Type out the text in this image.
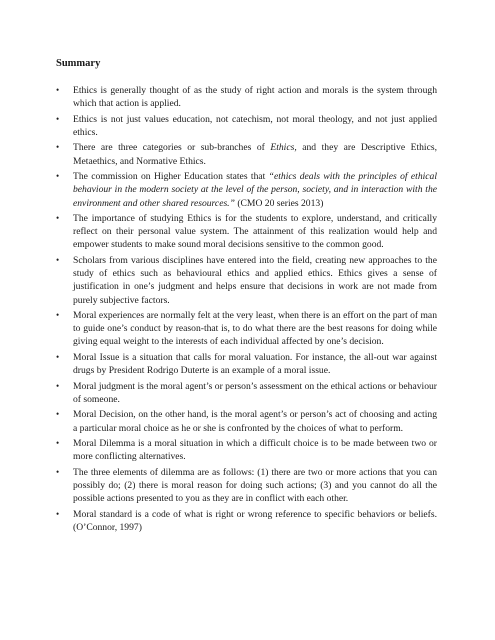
Summary
• Ethics is generally thought of as the study of right action and morals is the system through which that action is applied.
• Ethics is not just values education, not catechism, not moral theology, and not just applied ethics.
• There are three categories or sub-branches of Ethics, and they are Descriptive Ethics, Metaethics, and Normative Ethics.
• The commission on Higher Education states that “ethics deals with the principles of ethical behaviour in the modern society at the level of the person, society, and in interaction with the environment and other shared resources.” (CMO 20 series 2013)
• The importance of studying Ethics is for the students to explore, understand, and critically reflect on their personal value system. The attainment of this realization would help and empower students to make sound moral decisions sensitive to the common good.
• Scholars from various disciplines have entered into the field, creating new approaches to the study of ethics such as behavioural ethics and applied ethics. Ethics gives a sense of justification in one’s judgment and helps ensure that decisions in work are not made from purely subjective factors.
• Moral experiences are normally felt at the very least, when there is an effort on the part of man to guide one’s conduct by reason-that is, to do what there are the best reasons for doing while giving equal weight to the interests of each individual affected by one’s decision.
• Moral Issue is a situation that calls for moral valuation. For instance, the all-out war against drugs by President Rodrigo Duterte is an example of a moral issue.
• Moral judgment is the moral agent’s or person’s assessment on the ethical actions or behaviour of someone.
• Moral Decision, on the other hand, is the moral agent’s or person’s act of choosing and acting a particular moral choice as he or she is confronted by the choices of what to perform.
• Moral Dilemma is a moral situation in which a difficult choice is to be made between two or more conflicting alternatives.
• The three elements of dilemma are as follows: (1) there are two or more actions that you can possibly do; (2) there is moral reason for doing such actions; (3) and you cannot do all the possible actions presented to you as they are in conflict with each other.
• Moral standard is a code of what is right or wrong reference to specific behaviors or beliefs. (O’Connor, 1997)
